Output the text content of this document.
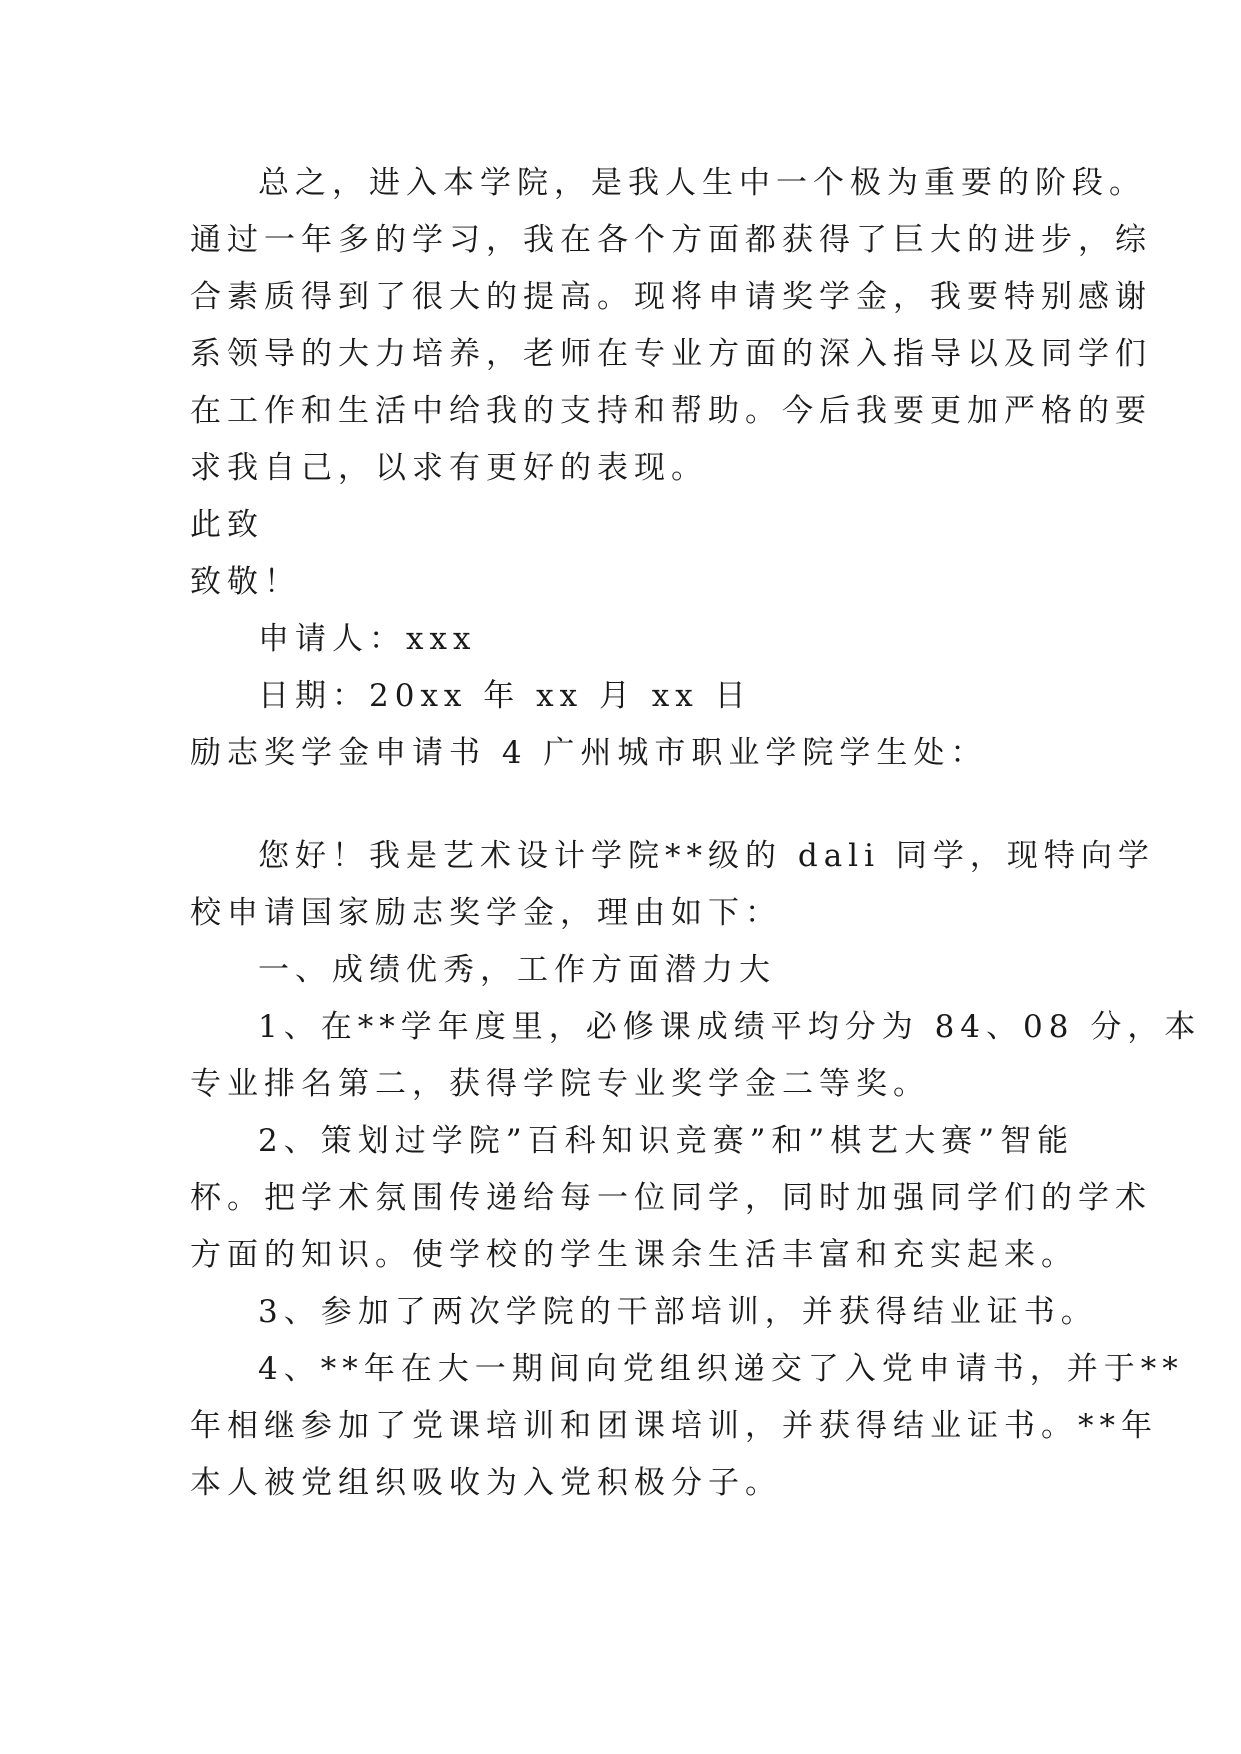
总之，进入本学院，是我人生中一个极为重要的阶段。
通过一年多的学习，我在各个方面都获得了巨大的进步，综
合素质得到了很大的提高。现将申请奖学金，我要特别感谢
系领导的大力培养，老师在专业方面的深入指导以及同学们
在工作和生活中给我的支持和帮助。今后我要更加严格的要
求我自己，以求有更好的表现。
此致
致敬！
申请人：xxx
日期：20xx 年 xx 月 xx 日
励志奖学金申请书 4 广州城市职业学院学生处：
您好！我是艺术设计学院**级的 dali 同学，现特向学
校申请国家励志奖学金，理由如下：
一、成绩优秀，工作方面潜力大
1、在**学年度里，必修课成绩平均分为 84、08 分，本
专业排名第二，获得学院专业奖学金二等奖。
2、策划过学院”百科知识竞赛”和”棋艺大赛”智能
杯。把学术氛围传递给每一位同学，同时加强同学们的学术
方面的知识。使学校的学生课余生活丰富和充实起来。
3、参加了两次学院的干部培训，并获得结业证书。
4、**年在大一期间向党组织递交了入党申请书，并于**
年相继参加了党课培训和团课培训，并获得结业证书。**年
本人被党组织吸收为入党积极分子。
